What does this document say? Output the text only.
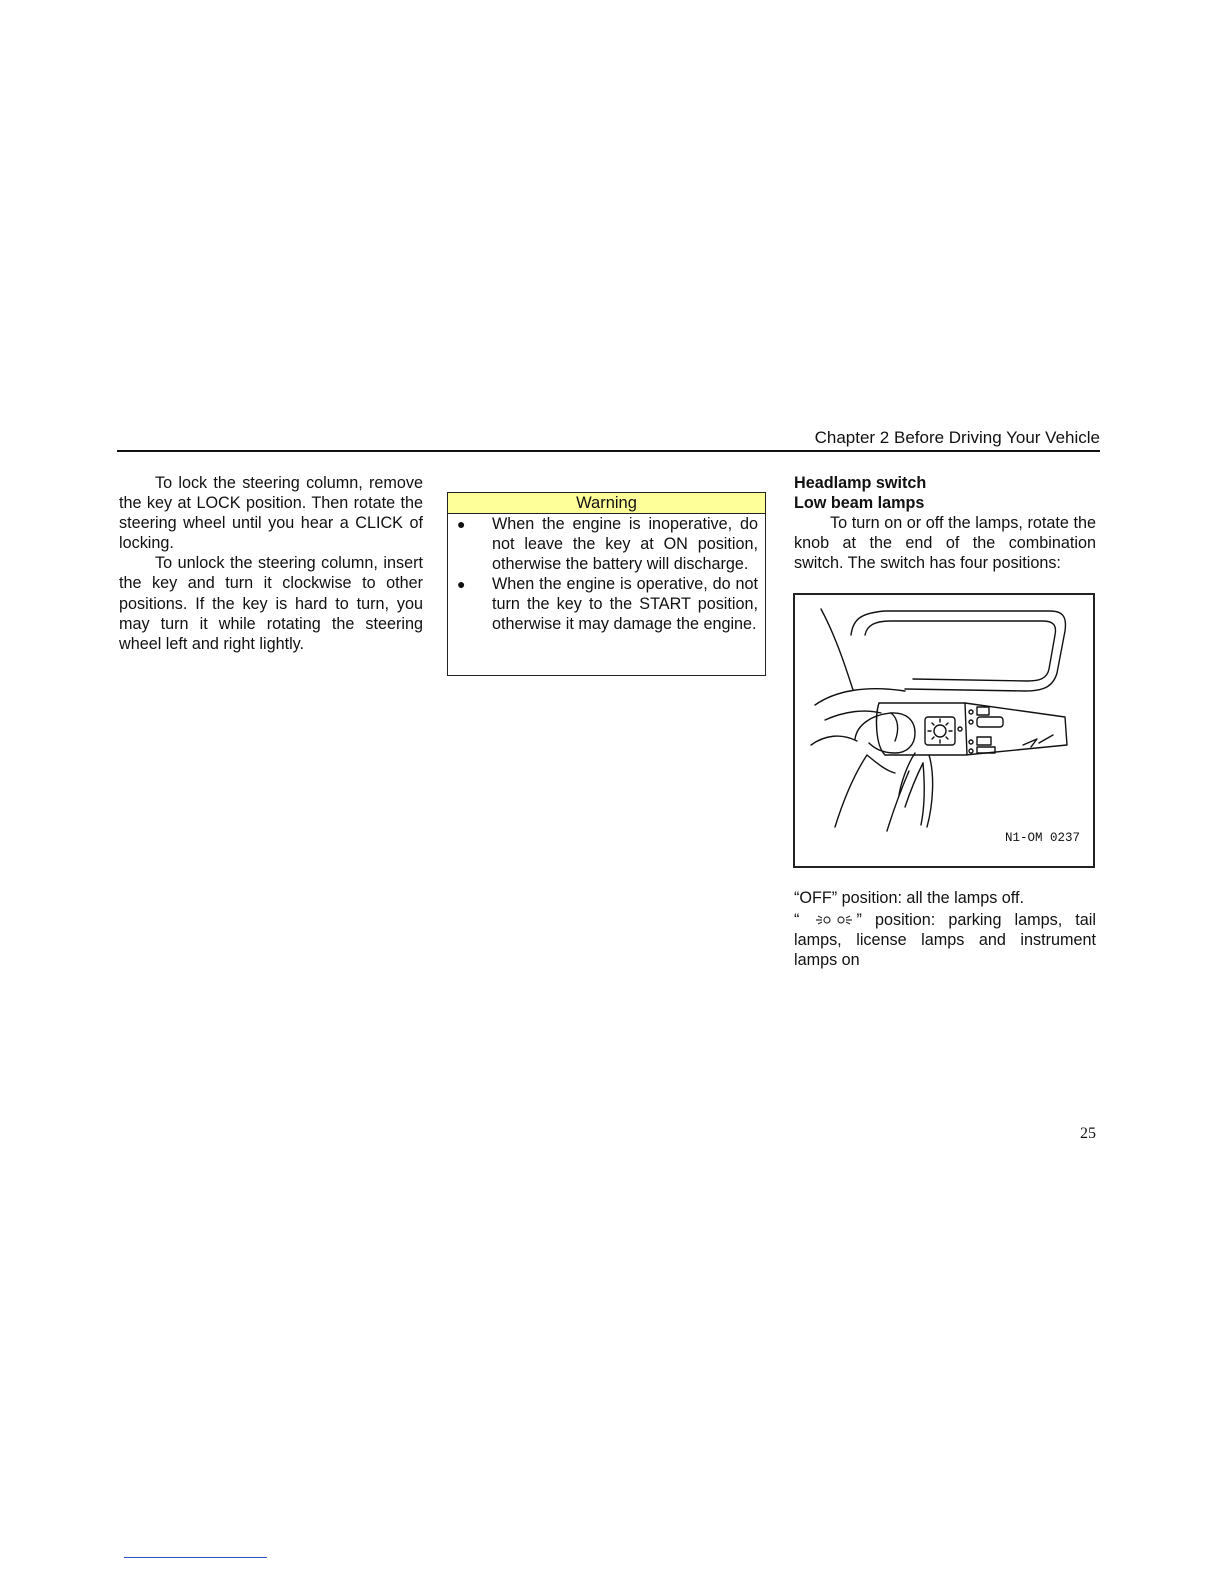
Chapter 2 Before Driving Your Vehicle

To lock the steering column, remove the key at LOCK position. Then rotate the steering wheel until you hear a CLICK of locking.

To unlock the steering column, insert the key and turn it clockwise to other positions. If the key is hard to turn, you may turn it while rotating the steering wheel left and right lightly.

Warning
● When the engine is inoperative, do not leave the key at ON position, otherwise the battery will discharge.
● When the engine is operative, do not turn the key to the START position, otherwise it may damage the engine.

Headlamp switch

Low beam lamps

To turn on or off the lamps, rotate the knob at the end of the combination switch. The switch has four positions:

N1-OM 0237

“OFF” position: all the lamps off.

“	” position: parking lamps, tail lamps, license lamps and instrument lamps on

25
